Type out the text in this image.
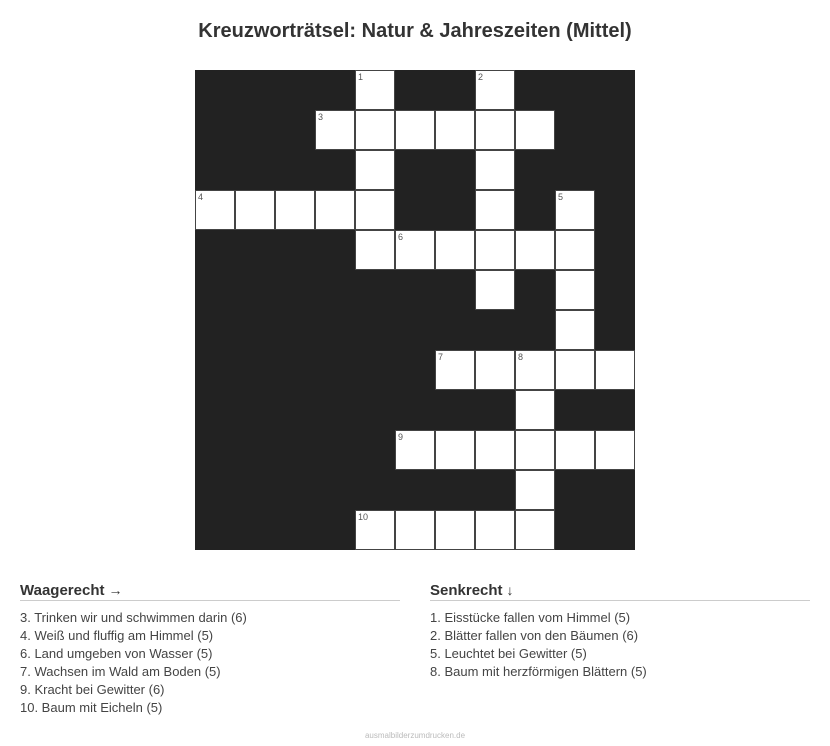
Kreuzworträtsel: Natur & Jahreszeiten (Mittel)
1	2
3
4	5
6
7	8
9
10
Waagerecht →
3. Trinken wir und schwimmen darin (6)
4. Weiß und fluffig am Himmel (5)
6. Land umgeben von Wasser (5)
7. Wachsen im Wald am Boden (5)
9. Kracht bei Gewitter (6)
10. Baum mit Eicheln (5)
Senkrecht ↓
1. Eisstücke fallen vom Himmel (5)
2. Blätter fallen von den Bäumen (6)
5. Leuchtet bei Gewitter (5)
8. Baum mit herzförmigen Blättern (5)
ausmalbilderzumdrucken.de
